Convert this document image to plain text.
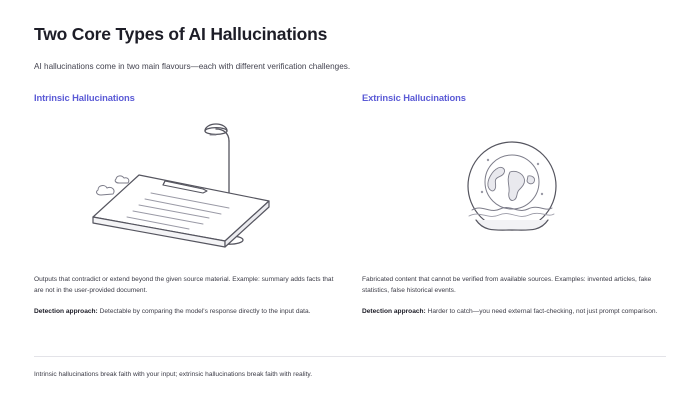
Two Core Types of AI Hallucinations

AI hallucinations come in two main flavours—each with different verification challenges.

Intrinsic Hallucinations

Outputs that contradict or extend beyond the given source material. Example: summary adds facts that are not in the user-provided document.

Detection approach: Detectable by comparing the model's response directly to the input data.

Extrinsic Hallucinations

Fabricated content that cannot be verified from available sources. Examples: invented articles, fake statistics, false historical events.

Detection approach: Harder to catch—you need external fact-checking, not just prompt comparison.

Intrinsic hallucinations break faith with your input; extrinsic hallucinations break faith with reality.
